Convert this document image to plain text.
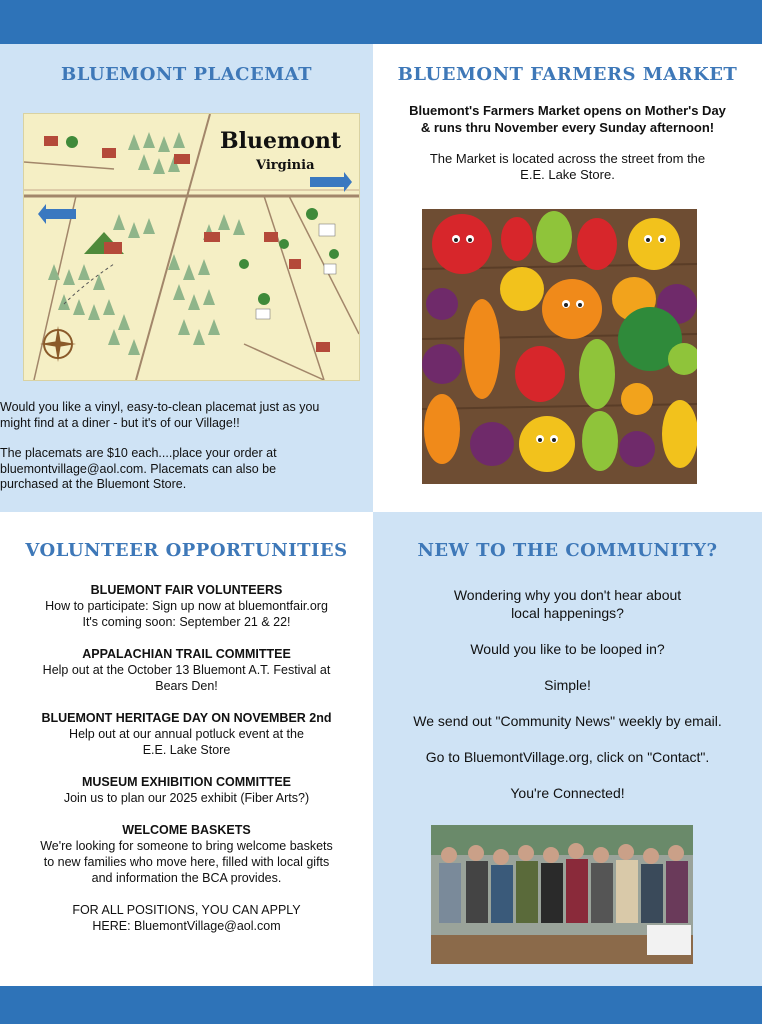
BLUEMONT PLACEMAT
Bluemont
Virginia
Would you like a vinyl, easy-to-clean placemat just as you
might find at a diner - but it's of our Village!!
The placemats are $10 each....place your order at
bluemontvillage@aol.com. Placemats can also be
purchased at the Bluemont Store.
BLUEMONT FARMERS MARKET
Bluemont's Farmers Market opens on Mother's Day
& runs thru November every Sunday afternoon!
The Market is located across the street from the
E.E. Lake Store.
VOLUNTEER OPPORTUNITIES
BLUEMONT FAIR VOLUNTEERS
How to participate: Sign up now at bluemontfair.org
It's coming soon: September 21 & 22!
APPALACHIAN TRAIL COMMITTEE
Help out at the October 13 Bluemont A.T. Festival at
Bears Den!
BLUEMONT HERITAGE DAY ON NOVEMBER 2nd
Help out at our annual potluck event at the
E.E. Lake Store
MUSEUM EXHIBITION COMMITTEE
Join us to plan our 2025 exhibit (Fiber Arts?)
WELCOME BASKETS
We're looking for someone to bring welcome baskets
to new families who move here, filled with local gifts
and information the BCA provides.
FOR ALL POSITIONS, YOU CAN APPLY
HERE: BluemontVillage@aol.com
NEW TO THE COMMUNITY?
Wondering why you don't hear about
local happenings?
Would you like to be looped in?
Simple!
We send out "Community News" weekly by email.
Go to BluemontVillage.org, click on "Contact".
You're Connected!
